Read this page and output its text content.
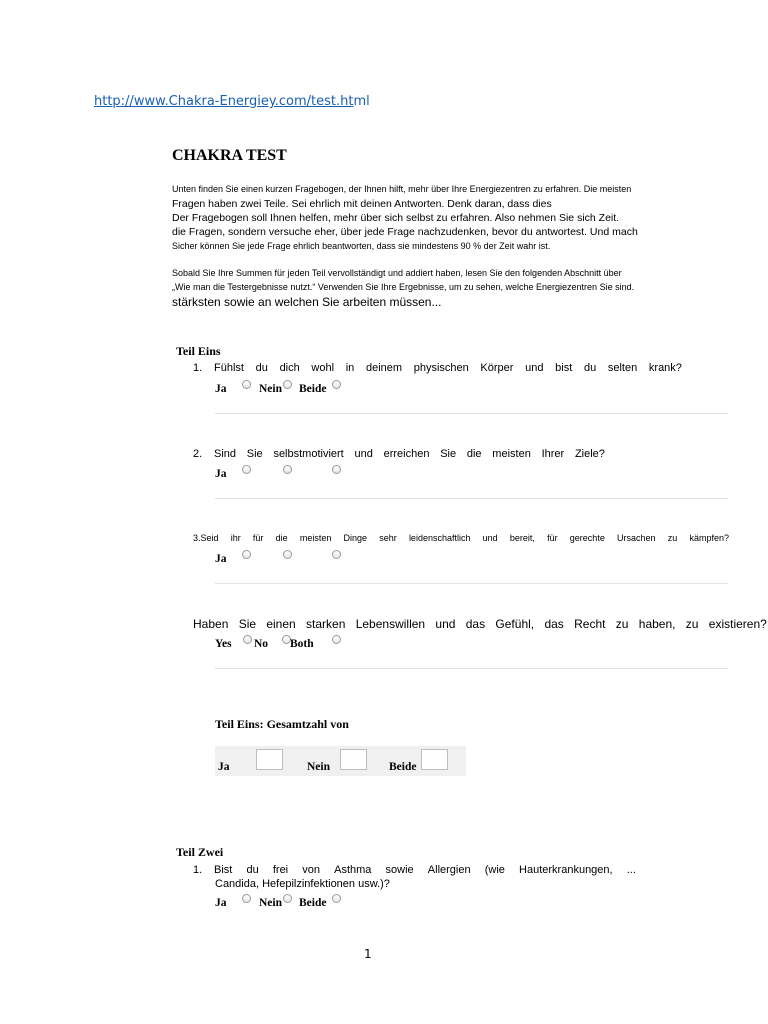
http://www.Chakra-Energiey.com/test.html
CHAKRA TEST
Unten finden Sie einen kurzen Fragebogen, der Ihnen hilft, mehr über Ihre Energiezentren zu erfahren. Die meisten
Fragen haben zwei Teile. Sei ehrlich mit deinen Antworten. Denk daran, dass dies
Der Fragebogen soll Ihnen helfen, mehr über sich selbst zu erfahren. Also nehmen Sie sich Zeit.
die Fragen, sondern versuche eher, über jede Frage nachzudenken, bevor du antwortest. Und mach
Sicher können Sie jede Frage ehrlich beantworten, dass sie mindestens 90 % der Zeit wahr ist.
Sobald Sie Ihre Summen für jeden Teil vervollständigt und addiert haben, lesen Sie den folgenden Abschnitt über
„Wie man die Testergebnisse nutzt.“ Verwenden Sie Ihre Ergebnisse, um zu sehen, welche Energiezentren Sie sind.
stärksten sowie an welchen Sie arbeiten müssen...
Teil Eins
1. Fühlst du dich wohl in deinem physischen Körper und bist du selten krank?
Ja	Nein Beide
2. Sind Sie selbstmotiviert und erreichen Sie die meisten Ihrer Ziele?
Ja
3.Seid ihr für die meisten Dinge sehr leidenschaftlich und bereit, für gerechte Ursachen zu kämpfen?
Ja
Haben Sie einen starken Lebenswillen und das Gefühl, das Recht zu haben, zu existieren?
Yes No Both
Teil Eins: Gesamtzahl von
Ja	Nein	Beide
Teil Zwei
1. Bist du frei von Asthma sowie Allergien (wie Hauterkrankungen, ...
Candida, Hefepilzinfektionen usw.)?
Ja	Nein Beide
1
